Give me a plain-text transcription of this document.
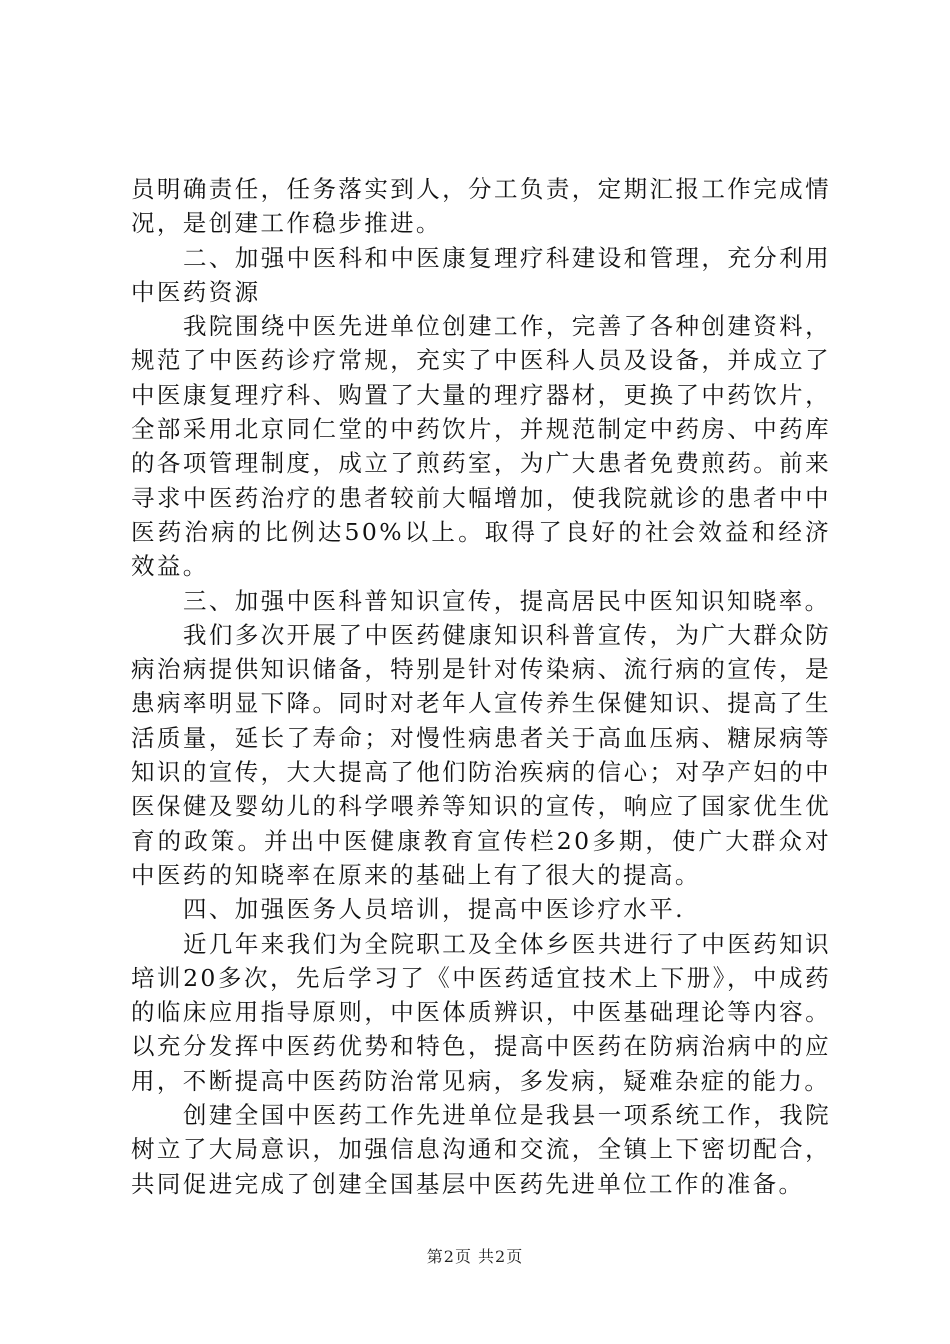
员明确责任，任务落实到人，分工负责，定期汇报工作完成情况，是创建工作稳步推进。

二、加强中医科和中医康复理疗科建设和管理，充分利用中医药资源

我院围绕中医先进单位创建工作，完善了各种创建资料，规范了中医药诊疗常规，充实了中医科人员及设备，并成立了中医康复理疗科、购置了大量的理疗器材，更换了中药饮片，全部采用北京同仁堂的中药饮片，并规范制定中药房、中药库的各项管理制度，成立了煎药室，为广大患者免费煎药。前来寻求中医药治疗的患者较前大幅增加，使我院就诊的患者中中医药治病的比例达50%以上。取得了良好的社会效益和经济效益。

三、加强中医科普知识宣传，提高居民中医知识知晓率。

我们多次开展了中医药健康知识科普宣传，为广大群众防病治病提供知识储备，特别是针对传染病、流行病的宣传，是患病率明显下降。同时对老年人宣传养生保健知识、提高了生活质量，延长了寿命；对慢性病患者关于高血压病、糖尿病等知识的宣传，大大提高了他们防治疾病的信心；对孕产妇的中医保健及婴幼儿的科学喂养等知识的宣传，响应了国家优生优育的政策。并出中医健康教育宣传栏20多期，使广大群众对中医药的知晓率在原来的基础上有了很大的提高。

四、加强医务人员培训，提高中医诊疗水平.

近几年来我们为全院职工及全体乡医共进行了中医药知识培训20多次，先后学习了《中医药适宜技术上下册》，中成药的临床应用指导原则，中医体质辨识，中医基础理论等内容。以充分发挥中医药优势和特色，提高中医药在防病治病中的应用，不断提高中医药防治常见病，多发病，疑难杂症的能力。

创建全国中医药工作先进单位是我县一项系统工作，我院树立了大局意识，加强信息沟通和交流，全镇上下密切配合，共同促进完成了创建全国基层中医药先进单位工作的准备。

第2页 共2页
